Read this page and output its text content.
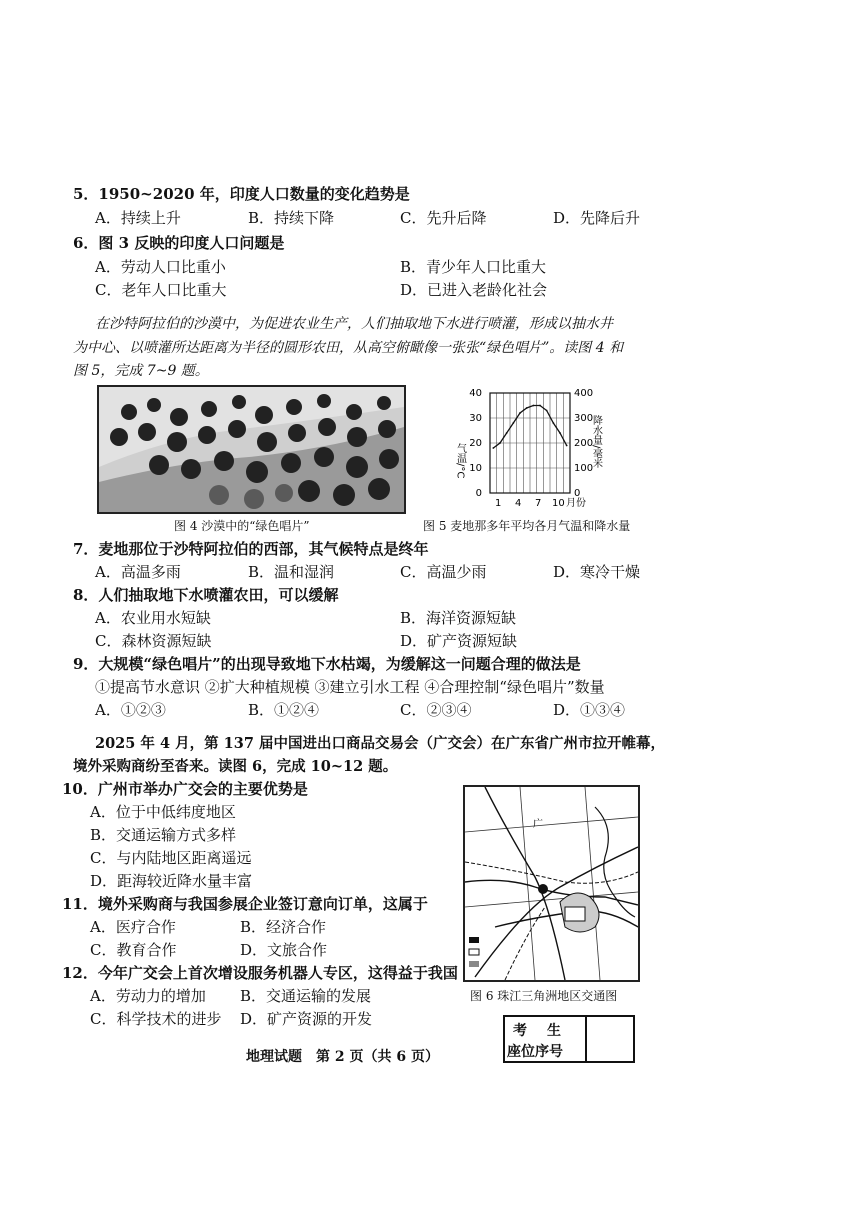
5．1950~2020 年，印度人口数量的变化趋势是
A．持续上升	B．持续下降	C．先升后降	D．先降后升
6．图 3 反映的印度人口问题是
A．劳动人口比重小	B．青少年人口比重大
C．老年人口比重大	D．已进入老龄化社会
在沙特阿拉伯的沙漠中，为促进农业生产，人们抽取地下水进行喷灌，形成以抽水井
为中心、以喷灌所达距离为半径的圆形农田，从高空俯瞰像一张张“绿色唱片”。读图 4 和
图 5，完成 7~9 题。
图 4 沙漠中的“绿色唱片”
40
30
20
10
0
400
300
200
100
0
1 4 7 10 月份
气温/°C	降水量/毫米
图 5 麦地那多年平均各月气温和降水量
7．麦地那位于沙特阿拉伯的西部，其气候特点是终年
A．高温多雨	B．温和湿润	C．高温少雨	D．寒冷干燥
8．人们抽取地下水喷灌农田，可以缓解
A．农业用水短缺	B．海洋资源短缺
C．森林资源短缺	D．矿产资源短缺
9．大规模“绿色唱片”的出现导致地下水枯竭，为缓解这一问题合理的做法是
①提高节水意识 ②扩大种植规模 ③建立引水工程 ④合理控制“绿色唱片”数量
A．①②③	B．①②④	C．②③④	D．①③④
2025 年 4 月，第 137 届中国进出口商品交易会（广交会）在广东省广州市拉开帷幕，
境外采购商纷至沓来。读图 6，完成 10~12 题。
10．广州市举办广交会的主要优势是
A．位于中低纬度地区
B．交通运输方式多样
C．与内陆地区距离遥远
D．距海较近降水量丰富
11．境外采购商与我国参展企业签订意向订单，这属于
A．医疗合作	B．经济合作
C．教育合作	D．文旅合作
12．今年广交会上首次增设服务机器人专区，这得益于我国
A．劳动力的增加 B．交通运输的发展
C．科学技术的进步 D．矿产资源的开发
广
图 6 珠江三角洲地区交通图
考生
座位序号
地理试题　第 2 页（共 6 页）
